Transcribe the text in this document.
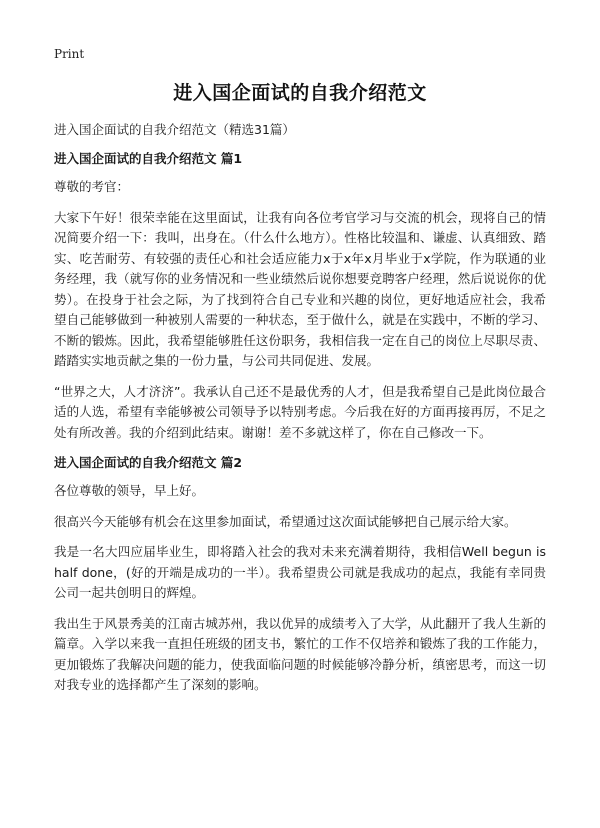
Print
进入国企面试的自我介绍范文

进入国企面试的自我介绍范文（精选31篇）

进入国企面试的自我介绍范文 篇1

尊敬的考官：

大家下午好！很荣幸能在这里面试，让我有向各位考官学习与交流的机会，现将自己的情况简要介绍一下：我叫，出身在。（什么什么地方）。性格比较温和、谦虚、认真细致、踏实、吃苦耐劳、有较强的责任心和社会适应能力x于x年x月毕业于x学院，作为联通的业务经理，我（就写你的业务情况和一些业绩然后说你想要竞聘客户经理，然后说说你的优势）。在投身于社会之际，为了找到符合自己专业和兴趣的岗位，更好地适应社会，我希望自己能够做到一种被别人需要的一种状态，至于做什么，就是在实践中，不断的学习、不断的锻炼。因此，我希望能够胜任这份职务，我相信我一定在自己的岗位上尽职尽责、踏踏实实地贡献之集的一份力量，与公司共同促进、发展。

“世界之大，人才济济”。我承认自己还不是最优秀的人才，但是我希望自己是此岗位最合适的人选，希望有幸能够被公司领导予以特别考虑。今后我在好的方面再接再厉，不足之处有所改善。我的介绍到此结束。谢谢！差不多就这样了，你在自己修改一下。

进入国企面试的自我介绍范文 篇2

各位尊敬的领导，早上好。

很高兴今天能够有机会在这里参加面试，希望通过这次面试能够把自己展示给大家。

我是一名大四应届毕业生，即将踏入社会的我对未来充满着期待，我相信Well begun is half done，(好的开端是成功的一半）。我希望贵公司就是我成功的起点，我能有幸同贵公司一起共创明日的辉煌。

我出生于风景秀美的江南古城苏州，我以优异的成绩考入了大学，从此翻开了我人生新的篇章。入学以来我一直担任班级的团支书，繁忙的工作不仅培养和锻炼了我的工作能力，更加锻炼了我解决问题的能力，使我面临问题的时候能够冷静分析，缜密思考，而这一切对我专业的选择都产生了深刻的影响。
